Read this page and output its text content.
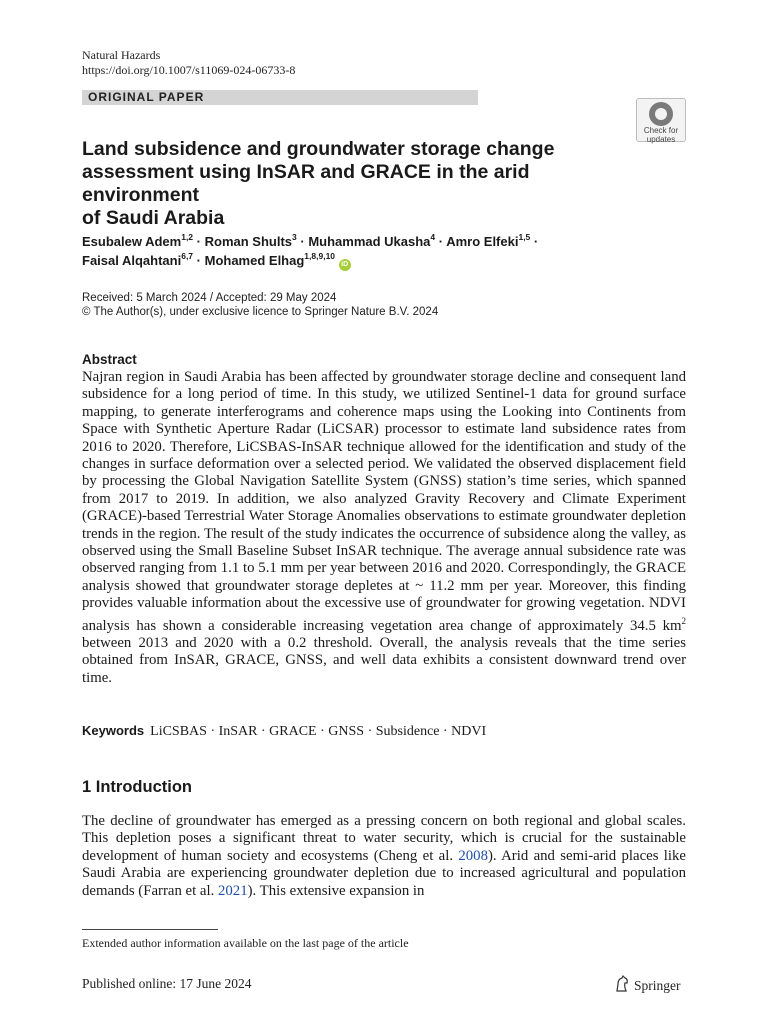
Natural Hazards
https://doi.org/10.1007/s11069-024-06733-8
ORIGINAL PAPER
Check for
updates
Land subsidence and groundwater storage change
assessment using InSAR and GRACE in the arid environment
of Saudi Arabia
Esubalew Adem$^{1,2}$ · Roman Shults$^3$ · Muhammad Ukasha$^4$ · Amro Elfeki$^{1,5}$ ·
Faisal Alqahtani$^{6,7}$ · Mohamed Elhag$^{1,8,9,10}$ iD
Received: 5 March 2024 / Accepted: 29 May 2024
© The Author(s), under exclusive licence to Springer Nature B.V. 2024
Abstract
Najran region in Saudi Arabia has been affected by groundwater storage decline and consequent land subsidence for a long period of time. In this study, we utilized Sentinel-1 data for ground surface mapping, to generate interferograms and coherence maps using the Looking into Continents from Space with Synthetic Aperture Radar (LiCSAR) processor to estimate land subsidence rates from 2016 to 2020. Therefore, LiCSBAS-InSAR technique allowed for the identification and study of the changes in surface deformation over a selected period. We validated the observed displacement field by processing the Global Navigation Satellite System (GNSS) station’s time series, which spanned from 2017 to 2019. In addition, we also analyzed Gravity Recovery and Climate Experiment (GRACE)-based Terrestrial Water Storage Anomalies observations to estimate groundwater depletion trends in the region. The result of the study indicates the occurrence of subsidence along the valley, as observed using the Small Baseline Subset InSAR technique. The average annual subsidence rate was observed ranging from 1.1 to 5.1 mm per year between 2016 and 2020. Correspondingly, the GRACE analysis showed that groundwater storage depletes at ~ 11.2 mm per year. Moreover, this finding provides valuable information about the excessive use of groundwater for growing vegetation. NDVI analysis has shown a considerable increasing vegetation area change of approximately 34.5 $km^2$ between 2013 and 2020 with a 0.2 threshold. Overall, the analysis reveals that the time series obtained from InSAR, GRACE, GNSS, and well data exhibits a consistent downward trend over time.
Keywords LiCSBAS · InSAR · GRACE · GNSS · Subsidence · NDVI
1 Introduction
The decline of groundwater has emerged as a pressing concern on both regional and global scales. This depletion poses a significant threat to water security, which is crucial for the sustainable development of human society and ecosystems (Cheng et al. 2008). Arid and semi-arid places like Saudi Arabia are experiencing groundwater depletion due to increased agricultural and population demands (Farran et al. 2021). This extensive expansion in
Extended author information available on the last page of the article
Published online: 17 June 2024	Springer
